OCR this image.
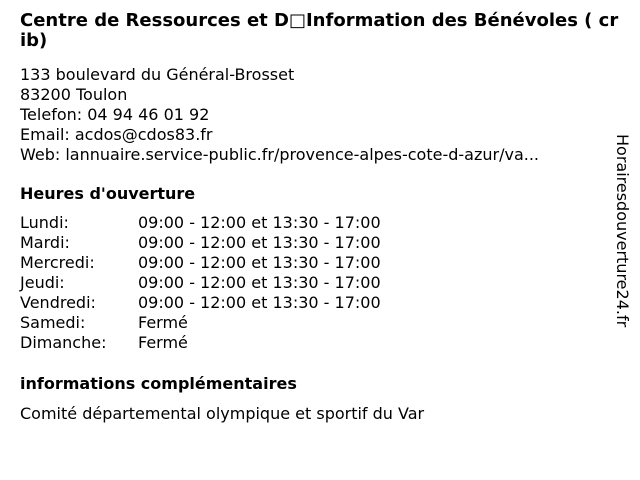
Centre de Ressources et D□Information des Bénévoles ( crib)
133 boulevard du Général-Brosset
83200 Toulon
Telefon: 04 94 46 01 92
Email: acdos@cdos83.fr
Web: lannuaire.service-public.fr/provence-alpes-cote-d-azur/va...
Heures d'ouverture
Lundi:	09:00 - 12:00 et 13:30 - 17:00
Mardi:	09:00 - 12:00 et 13:30 - 17:00
Mercredi:	09:00 - 12:00 et 13:30 - 17:00
Jeudi:	09:00 - 12:00 et 13:30 - 17:00
Vendredi:	09:00 - 12:00 et 13:30 - 17:00
Samedi:	Fermé
Dimanche:	Fermé
informations complémentaires
Comité départemental olympique et sportif du Var
Horairesdouverture24.fr
